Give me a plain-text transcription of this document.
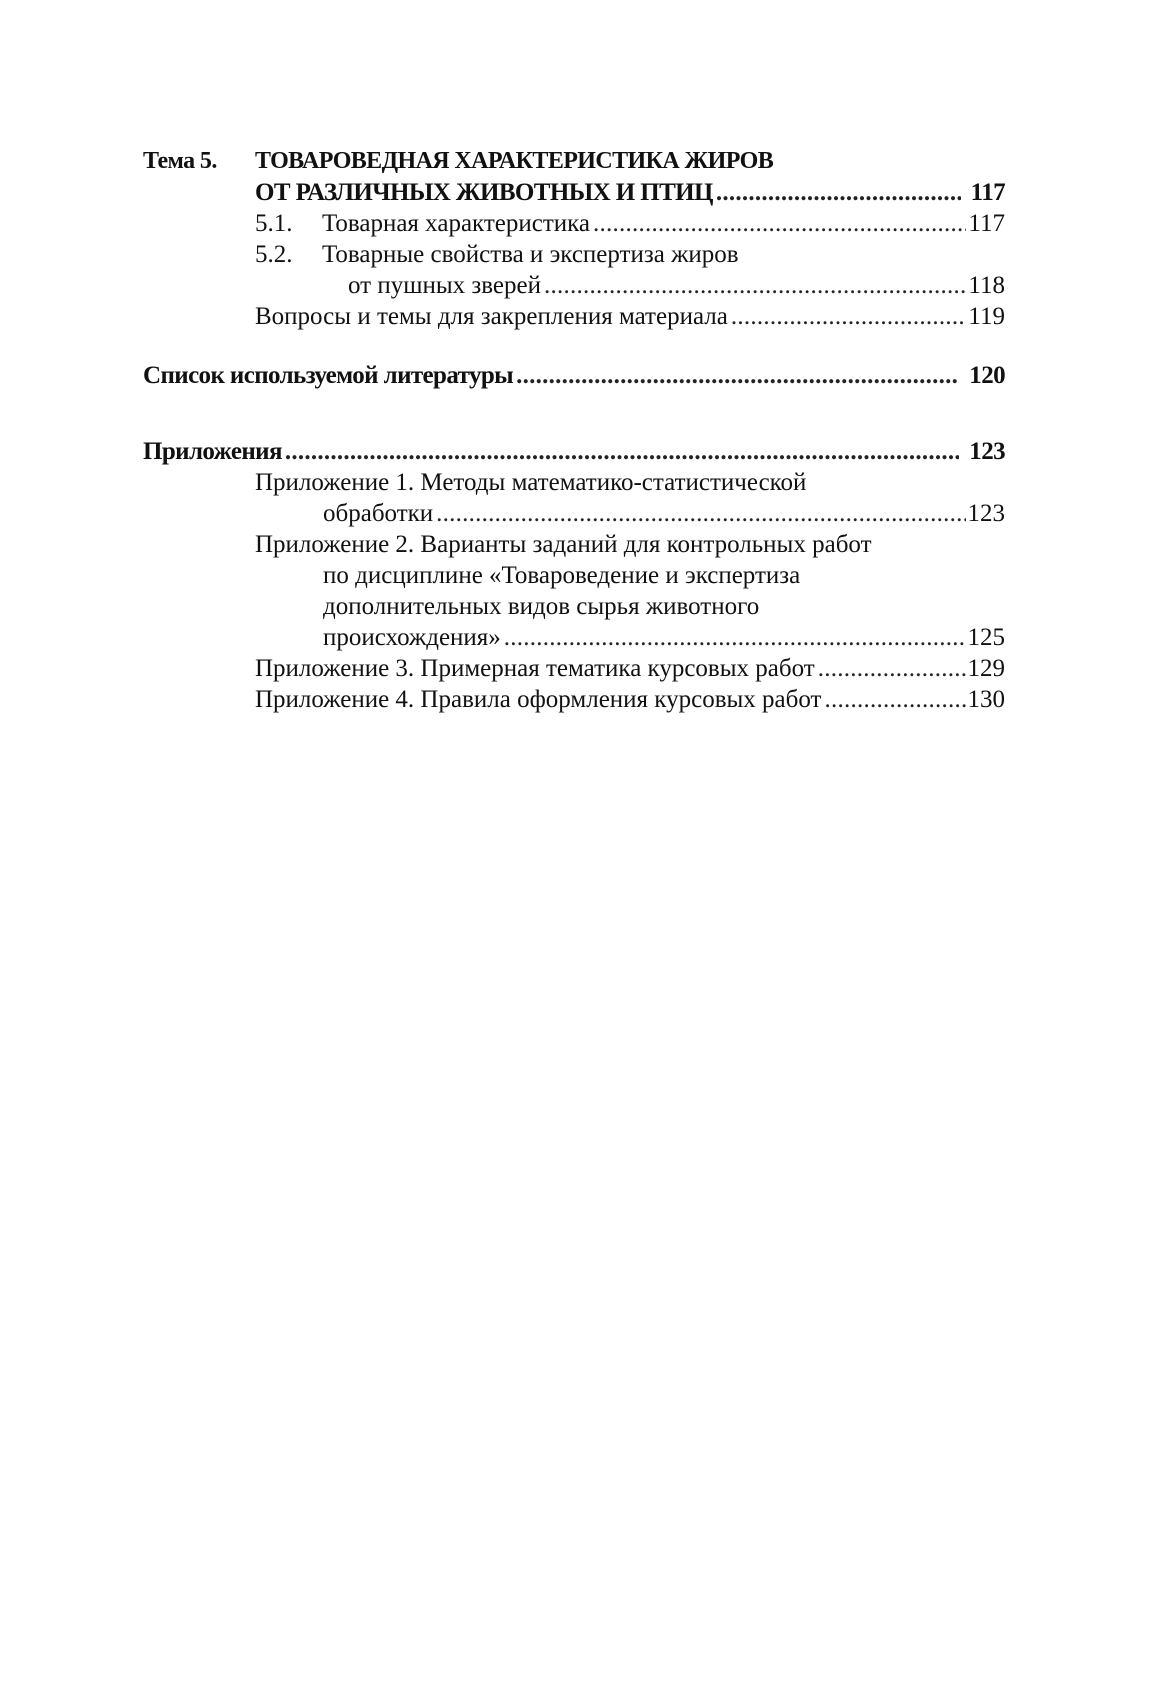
Тема 5. ТОВАРОВЕДНАЯ ХАРАКТЕРИСТИКА ЖИРОВ
ОТ РАЗЛИЧНЫХ ЖИВОТНЫХ И ПТИЦ . . .	117
5.1. Товарная характеристика . . .	117
5.2. Товарные свойства и экспертиза жиров
от пушных зверей . . .	118
Вопросы и темы для закрепления материала . . .	119
Список используемой литературы . . .	120
Приложения . . .	123
Приложение 1. Методы математико-статистической
обработки . . .	123
Приложение 2. Варианты заданий для контрольных работ
по дисциплине «Товароведение и экспертиза
дополнительных видов сырья животного
происхождения» . . .	125
Приложение 3. Примерная тематика курсовых работ . . .	129
Приложение 4. Правила оформления курсовых работ . . .	130
